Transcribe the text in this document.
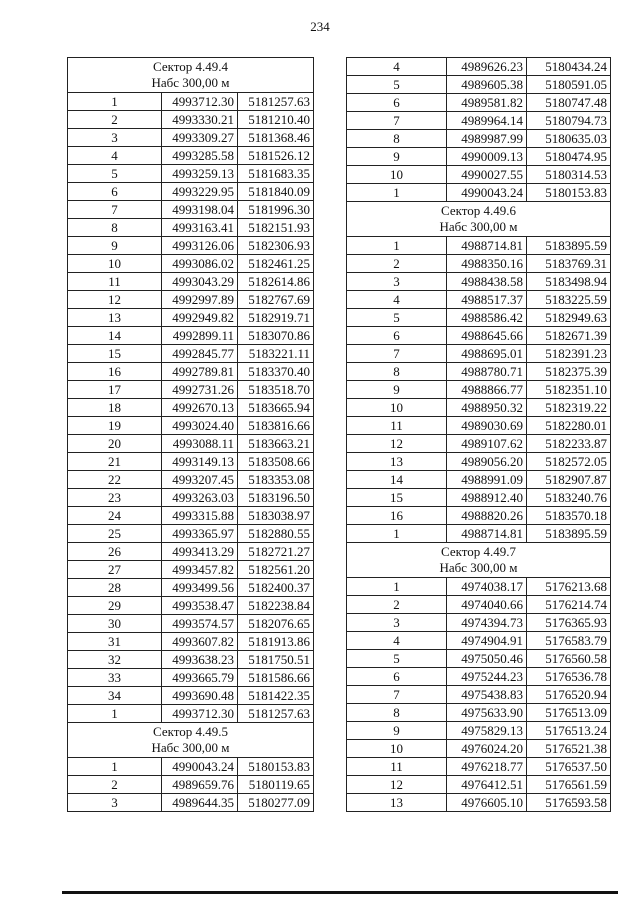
234
Сектор 4.49.4
Набс 300,00 м		

1	4993712.30	5181257.63
2	4993330.21	5181210.40
3	4993309.27	5181368.46
4	4993285.58	5181526.12
5	4993259.13	5181683.35
6	4993229.95	5181840.09
7	4993198.04	5181996.30
8	4993163.41	5182151.93
9	4993126.06	5182306.93
10	4993086.02	5182461.25
11	4993043.29	5182614.86
12	4992997.89	5182767.69
13	4992949.82	5182919.71
14	4992899.11	5183070.86
15	4992845.77	5183221.11
16	4992789.81	5183370.40
17	4992731.26	5183518.70
18	4992670.13	5183665.94
19	4993024.40	5183816.66
20	4993088.11	5183663.21
21	4993149.13	5183508.66
22	4993207.45	5183353.08
23	4993263.03	5183196.50
24	4993315.88	5183038.97
25	4993365.97	5182880.55
26	4993413.29	5182721.27
27	4993457.82	5182561.20
28	4993499.56	5182400.37
29	4993538.47	5182238.84
30	4993574.57	5182076.65
31	4993607.82	5181913.86
32	4993638.23	5181750.51
33	4993665.79	5181586.66
34	4993690.48	5181422.35
1	4993712.30	5181257.63

Сектор 4.49.5
Набс 300,00 м		

1	4990043.24	5180153.83
2	4989659.76	5180119.65
3	4989644.35	5180277.09
4	4989626.23	5180434.24
5	4989605.38	5180591.05
6	4989581.82	5180747.48
7	4989964.14	5180794.73
8	4989987.99	5180635.03
9	4990009.13	5180474.95
10	4990027.55	5180314.53
1	4990043.24	5180153.83

Сектор 4.49.6
Набс 300,00 м		

1	4988714.81	5183895.59
2	4988350.16	5183769.31
3	4988438.58	5183498.94
4	4988517.37	5183225.59
5	4988586.42	5182949.63
6	4988645.66	5182671.39
7	4988695.01	5182391.23
8	4988780.71	5182375.39
9	4988866.77	5182351.10
10	4988950.32	5182319.22
11	4989030.69	5182280.01
12	4989107.62	5182233.87
13	4989056.20	5182572.05
14	4988991.09	5182907.87
15	4988912.40	5183240.76
16	4988820.26	5183570.18
1	4988714.81	5183895.59

Сектор 4.49.7
Набс 300,00 м		

1	4974038.17	5176213.68
2	4974040.66	5176214.74
3	4974394.73	5176365.93
4	4974904.91	5176583.79
5	4975050.46	5176560.58
6	4975244.23	5176536.78
7	4975438.83	5176520.94
8	4975633.90	5176513.09
9	4975829.13	5176513.24
10	4976024.20	5176521.38
11	4976218.77	5176537.50
12	4976412.51	5176561.59
13	4976605.10	5176593.58
